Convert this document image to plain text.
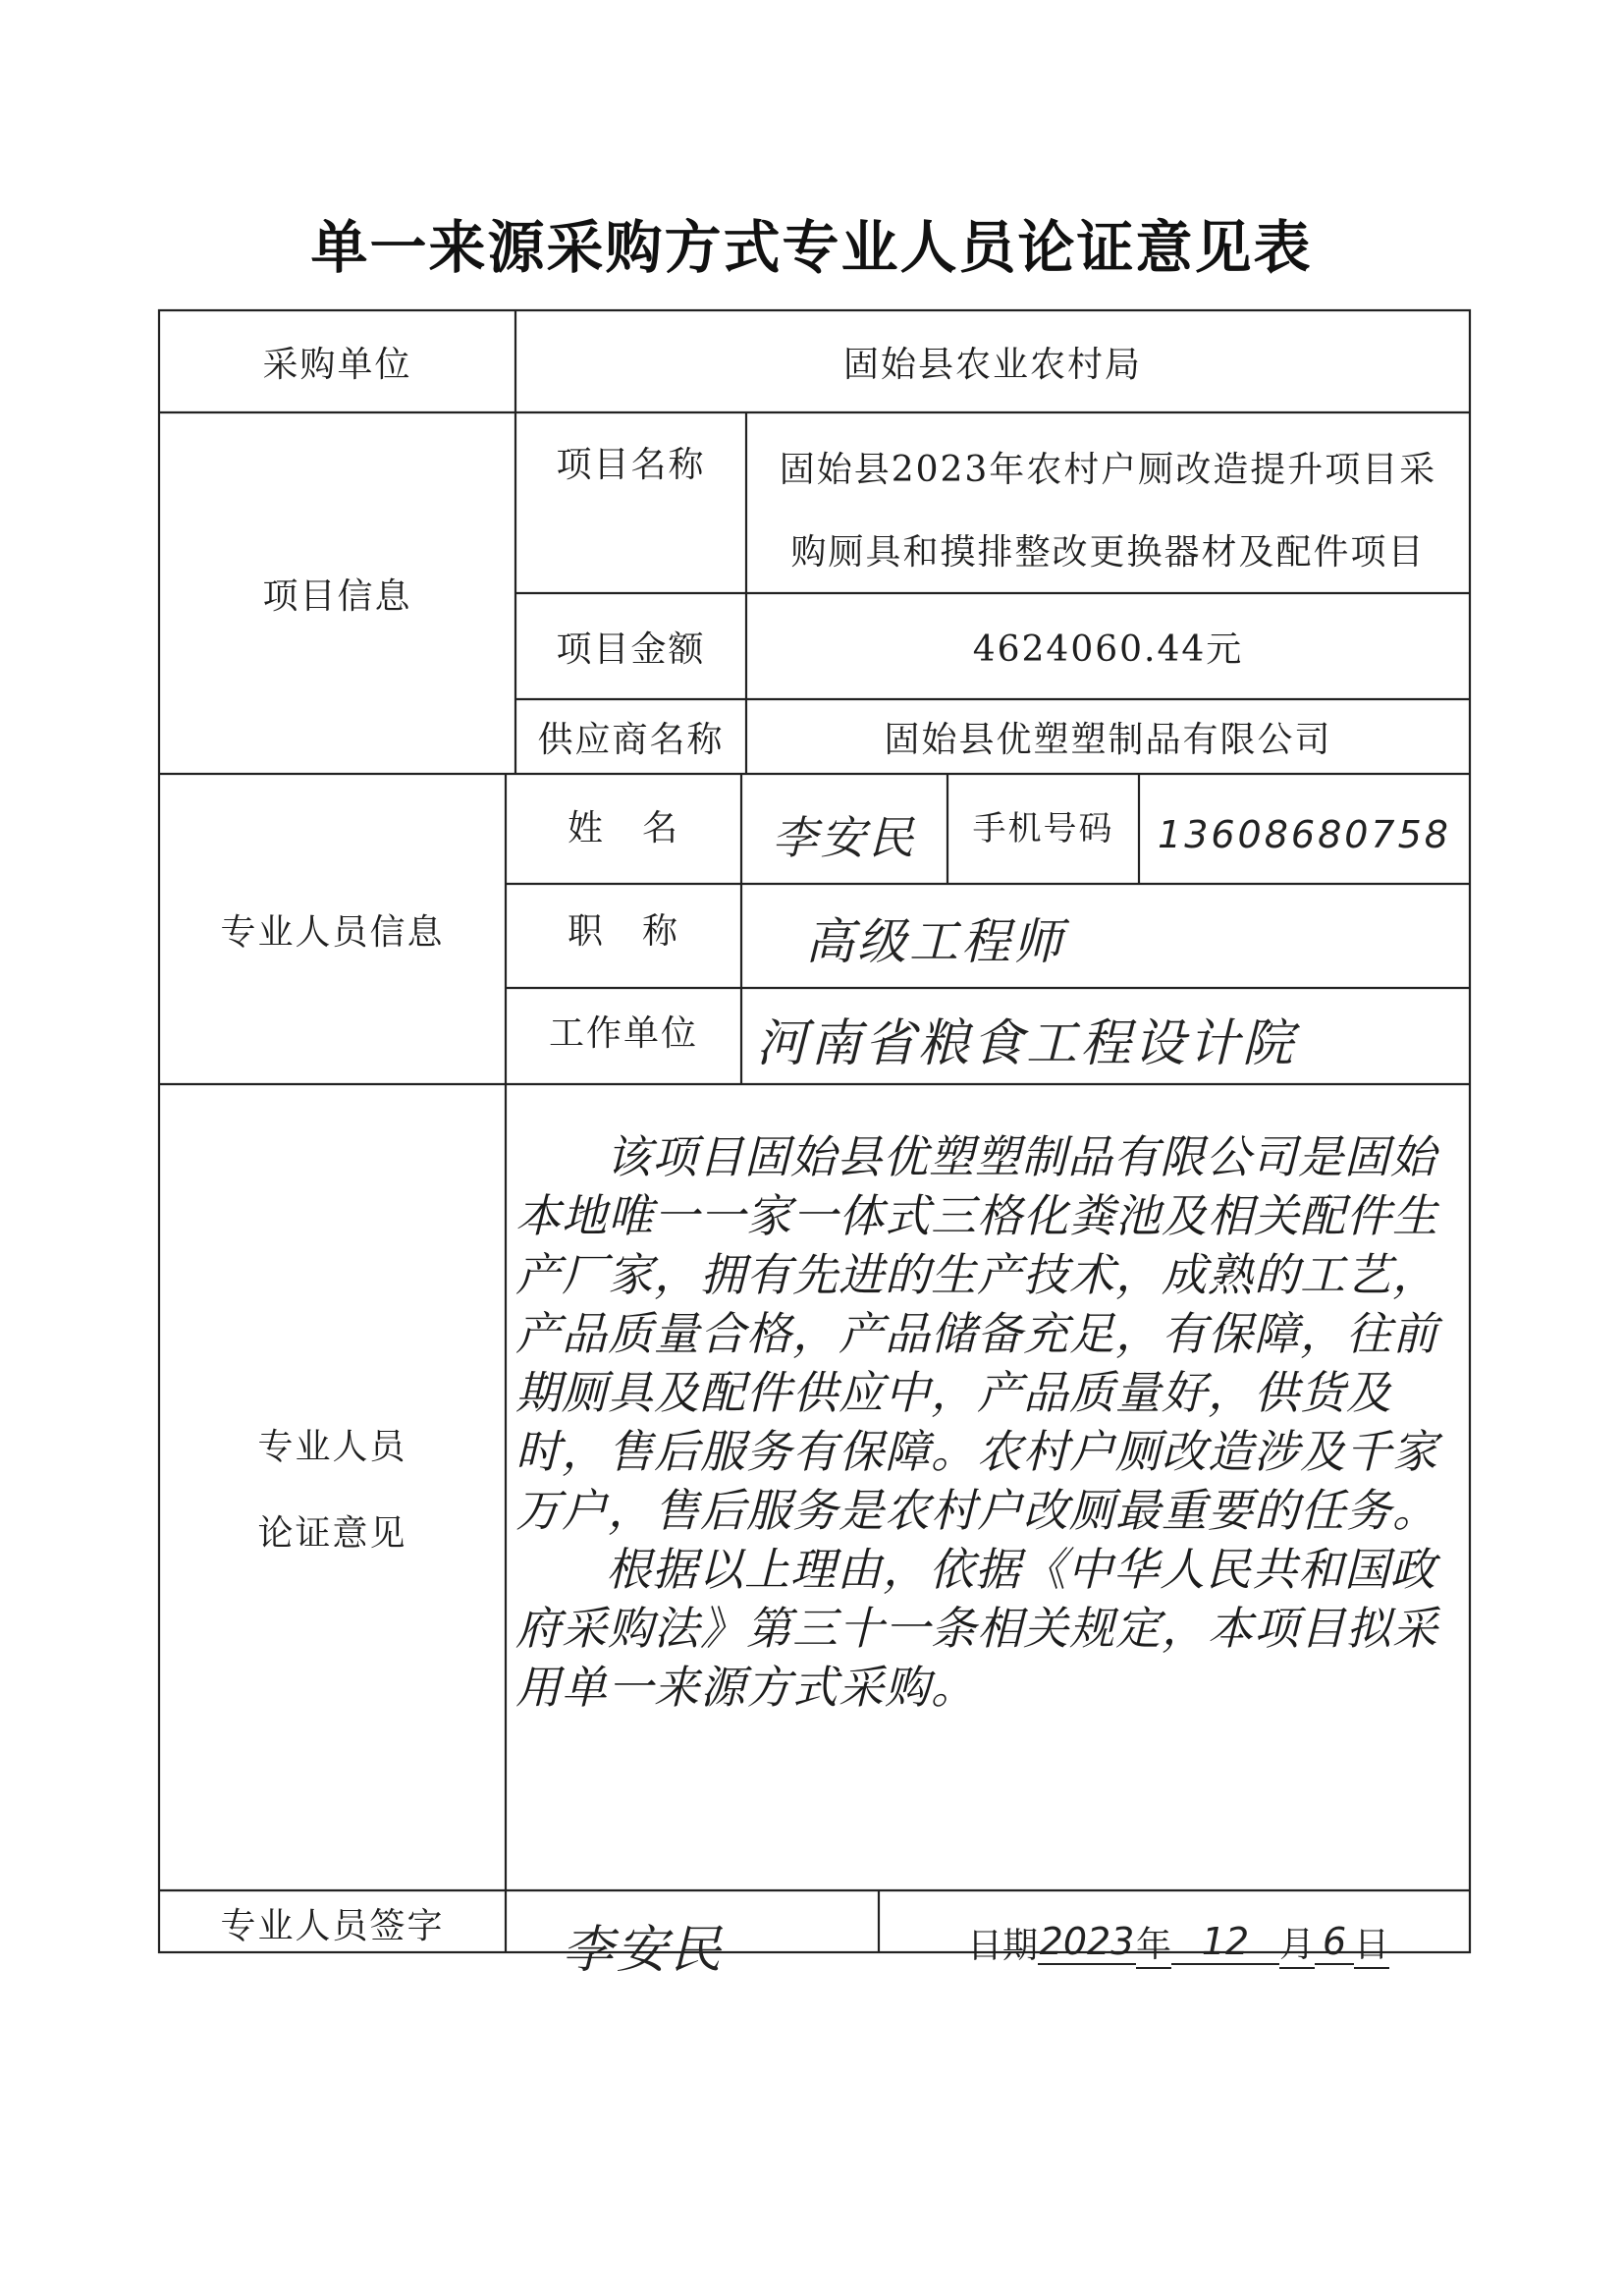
单一来源采购方式专业人员论证意见表
采购单位	固始县农业农村局
项目信息
项目名称	固始县2023年农村户厕改造提升项目采
购厕具和摸排整改更换器材及配件项目
项目金额	4624060.44元
供应商名称	固始县优塑塑制品有限公司
专业人员信息
姓　名	李安民	手机号码	13608680758
职　称	高级工程师
工作单位	河南省粮食工程设计院
专业人员
论证意见

该项目固始县优塑塑制品有限公司是固始本地唯一一家一体式三格化粪池及相关配件生产厂家，拥有先进的生产技术，成熟的工艺，产品质量合格，产品储备充足，有保障，往前期厕具及配件供应中，产品质量好，供货及时，售后服务有保障。农村户厕改造涉及千家万户，售后服务是农村户改厕最重要的任务。

根据以上理由，依据《中华人民共和国政府采购法》第三十一条相关规定，本项目拟采用单一来源方式采购。

专业人员签字	李安民	日期 2023 年 12 月 6 日
